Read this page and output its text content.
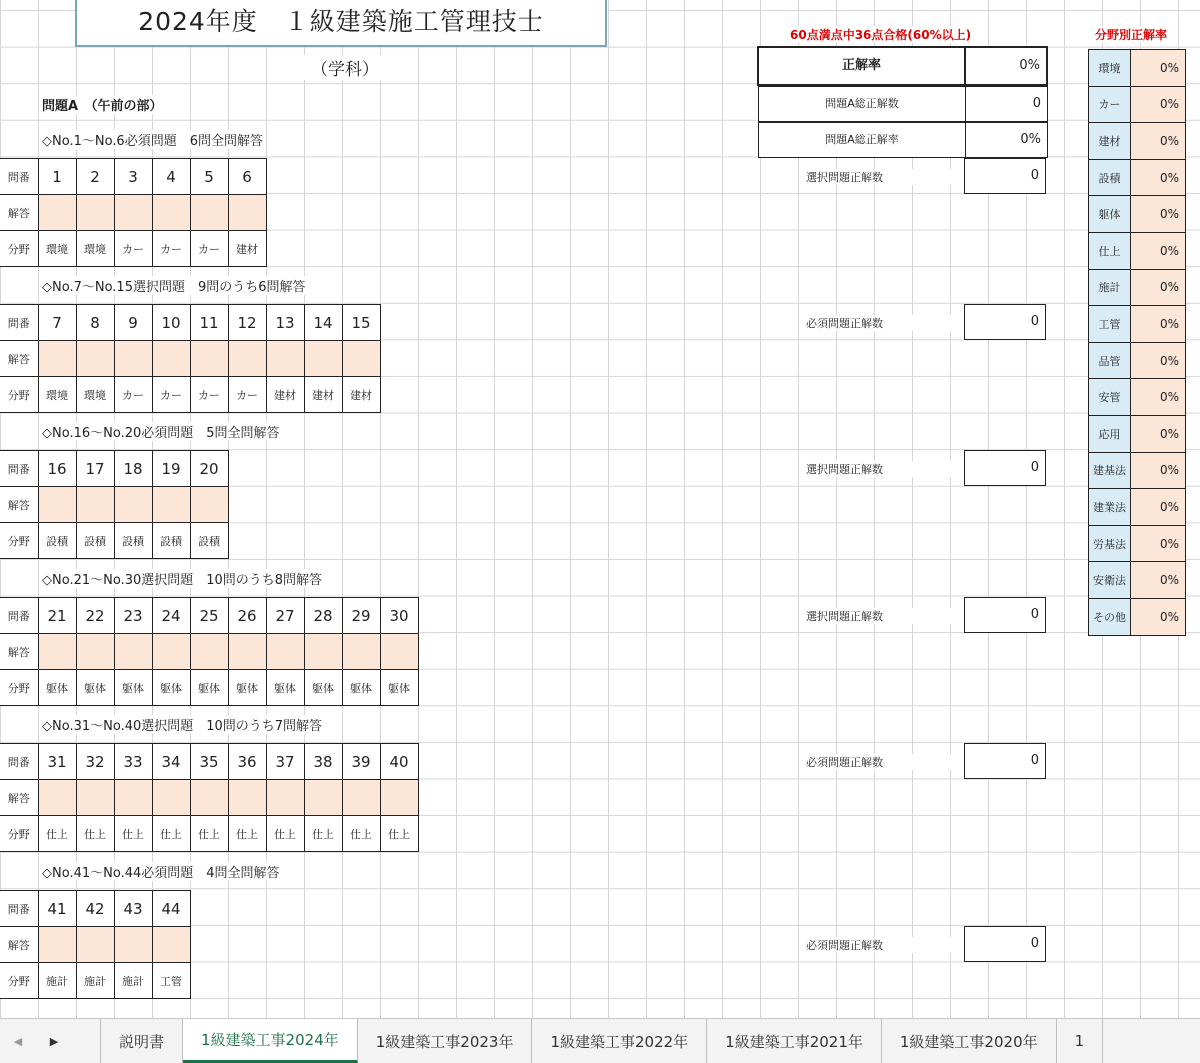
2024年度　１級建築施工管理技士
（学科）
問題A　（午前の部）
◇No.1～No.6必須問題　6問全問解答
問番	1	2	3	4	5	6
解答						
分野	環境	環境	カー	カー	カー	建材
◇No.7～No.15選択問題　9問のうち6問解答
問番	7	8	9	10	11	12	13	14	15
解答									
分野	環境	環境	カー	カー	カー	カー	建材	建材	建材
◇No.16～No.20必須問題　5問全問解答
問番	16	17	18	19	20
解答					
分野	設積	設積	設積	設積	設積
◇No.21～No.30選択問題　10問のうち8問解答
問番	21	22	23	24	25	26	27	28	29	30
解答										
分野	躯体	躯体	躯体	躯体	躯体	躯体	躯体	躯体	躯体	躯体
◇No.31～No.40選択問題　10問のうち7問解答
問番	31	32	33	34	35	36	37	38	39	40
解答										
分野	仕上	仕上	仕上	仕上	仕上	仕上	仕上	仕上	仕上	仕上
◇No.41～No.44必須問題　4問全問解答
問番	41	42	43	44
解答				
分野	施計	施計	施計	工管
60点満点中36点合格(60%以上)
正解率	0%
問題A総正解数	0
問題A総正解率	0%
選択問題正解数	0
必須問題正解数	0
選択問題正解数	0
選択問題正解数	0
必須問題正解数	0
必須問題正解数	0
分野別正解率
環境	0%
カー	0%
建材	0%
設積	0%
躯体	0%
仕上	0%
施計	0%
工管	0%
品管	0%
安管	0%
応用	0%
建基法	0%
建業法	0%
労基法	0%
安衛法	0%
その他	0%
◀	▶	説明書	1級建築工事2024年	1級建築工事2023年	1級建築工事2022年	1級建築工事2021年	1級建築工事2020年	1
